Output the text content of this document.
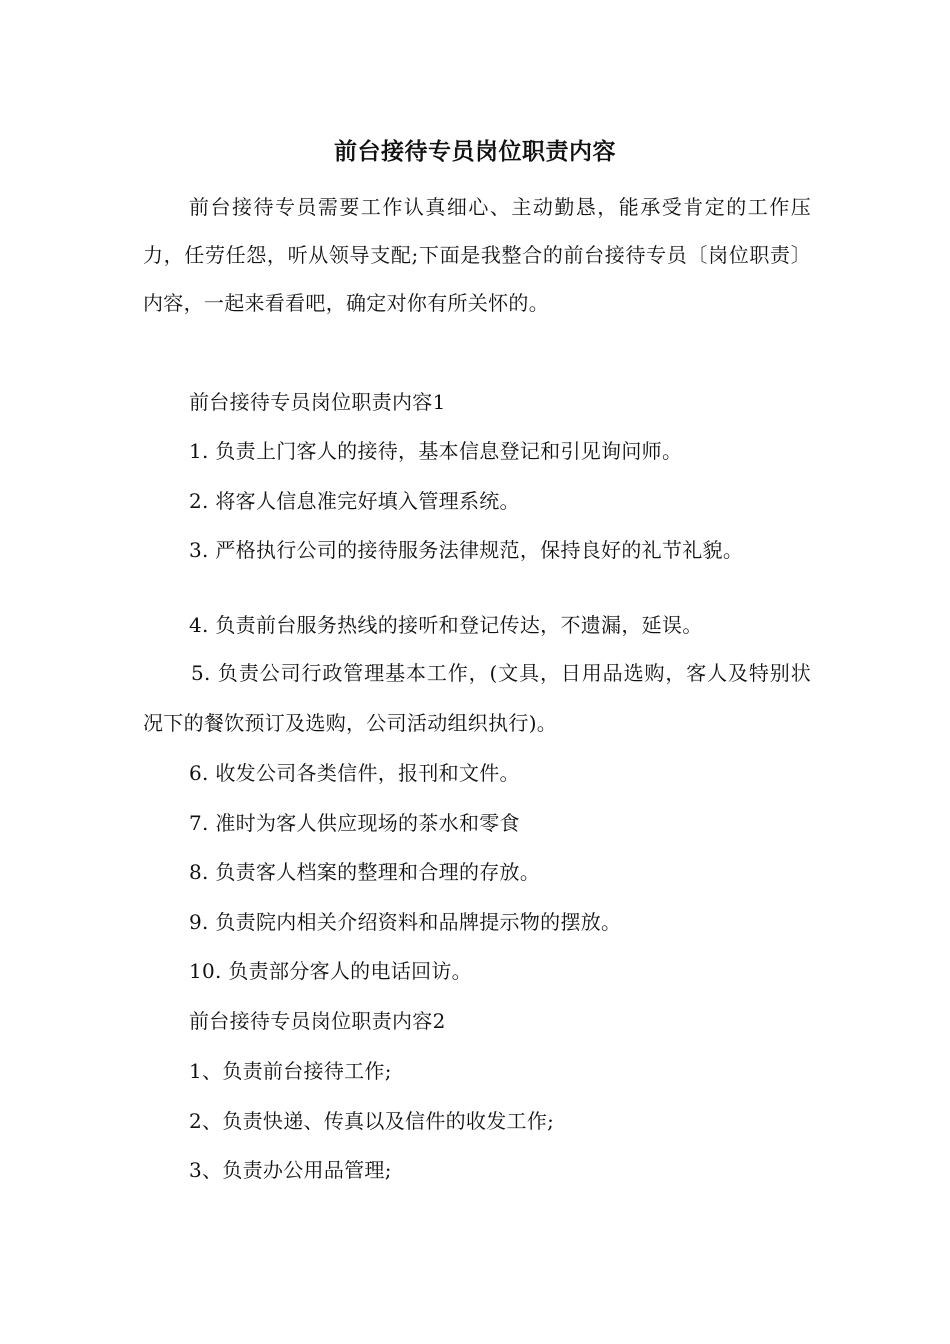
前台接待专员岗位职责内容

前台接待专员需要工作认真细心、主动勤恳，能承受肯定的工作压力，任劳任怨，听从领导支配;下面是我整合的前台接待专员〔岗位职责〕内容，一起来看看吧，确定对你有所关怀的。

前台接待专员岗位职责内容1

1. 负责上门客人的接待，基本信息登记和引见询问师。

2. 将客人信息准完好填入管理系统。

3. 严格执行公司的接待服务法律规范，保持良好的礼节礼貌。

4. 负责前台服务热线的接听和登记传达，不遗漏，延误。

5. 负责公司行政管理基本工作，(文具，日用品选购，客人及特别状况下的餐饮预订及选购，公司活动组织执行)。

6. 收发公司各类信件，报刊和文件。

7. 准时为客人供应现场的茶水和零食

8. 负责客人档案的整理和合理的存放。

9. 负责院内相关介绍资料和品牌提示物的摆放。

10. 负责部分客人的电话回访。

前台接待专员岗位职责内容2

1、负责前台接待工作;

2、负责快递、传真以及信件的收发工作;

3、负责办公用品管理;
